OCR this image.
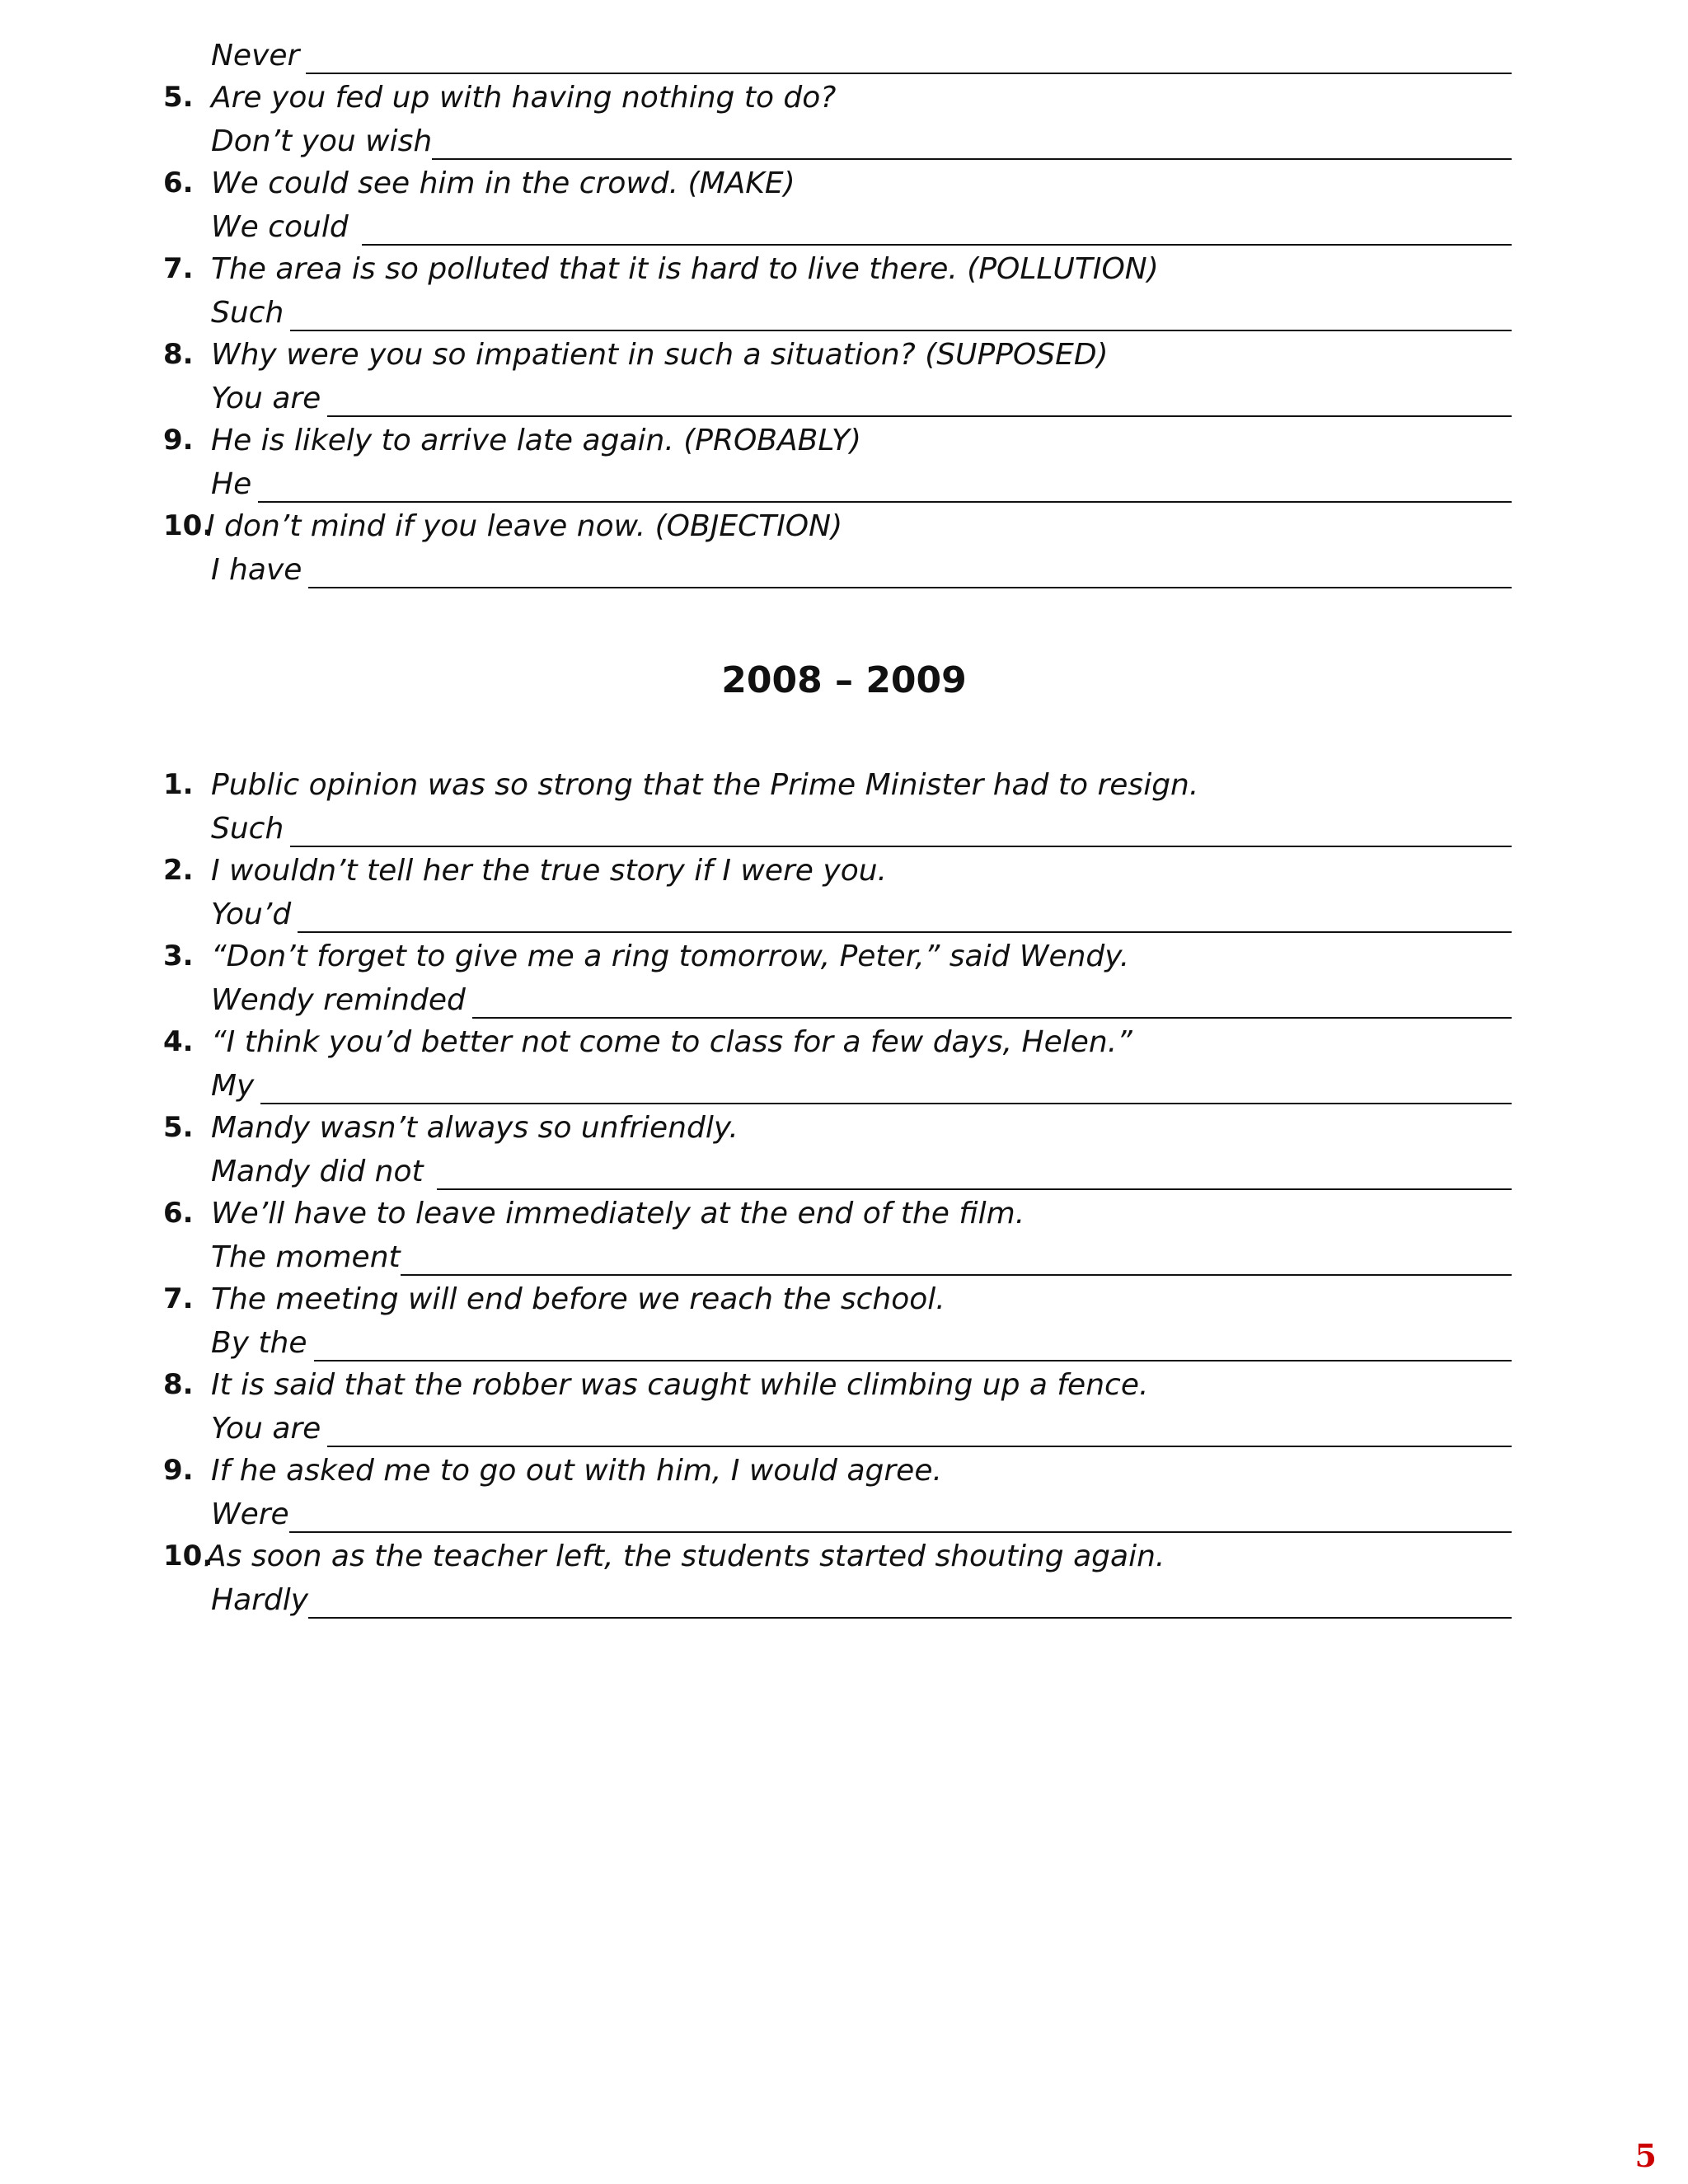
Never
5. Are you fed up with having nothing to do?
Don’t you wish
6. We could see him in the crowd. (MAKE)
We could
7. The area is so polluted that it is hard to live there. (POLLUTION)
Such
8. Why were you so impatient in such a situation? (SUPPOSED)
You are
9. He is likely to arrive late again. (PROBABLY)
He
10.
I don’t mind if you leave now. (OBJECTION)
I have
2008 – 2009
1. Public opinion was so strong that the Prime Minister had to resign.
Such
2. I wouldn’t tell her the true story if I were you.
You’d
3. “Don’t forget to give me a ring tomorrow, Peter,” said Wendy.
Wendy reminded
4. “I think you’d better not come to class for a few days, Helen.”
My
5. Mandy wasn’t always so unfriendly.
Mandy did not
6. We’ll have to leave immediately at the end of the film.
The moment
7. The meeting will end before we reach the school.
By the
8. It is said that the robber was caught while climbing up a fence.
You are
9. If he asked me to go out with him, I would agree.
Were
10.
As soon as the teacher left, the students started shouting again.
Hardly
5
